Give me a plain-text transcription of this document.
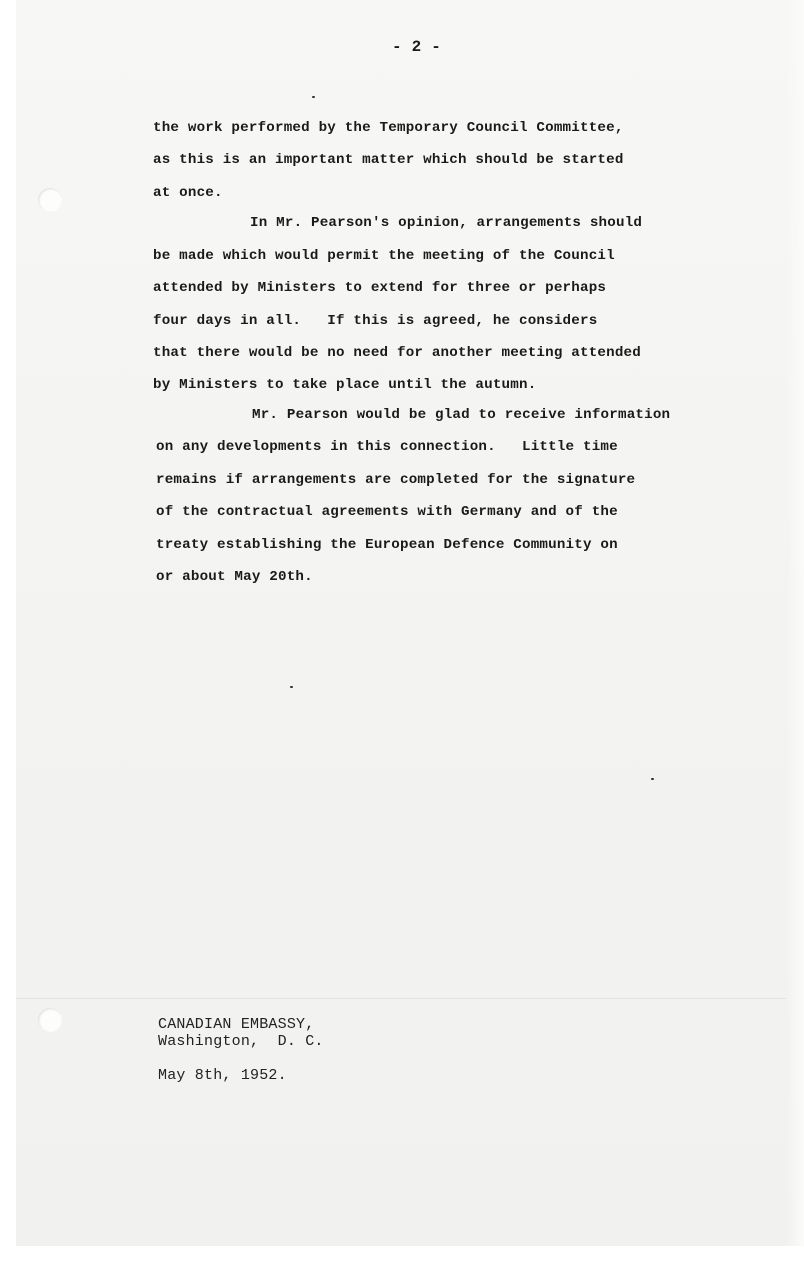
- 2 -
the work performed by the Temporary Council Committee,
as this is an important matter which should be started
at once.
In Mr. Pearson's opinion, arrangements should
be made which would permit the meeting of the Council
attended by Ministers to extend for three or perhaps
four days in all.   If this is agreed, he considers
that there would be no need for another meeting attended
by Ministers to take place until the autumn.
Mr. Pearson would be glad to receive information
on any developments in this connection.   Little time
remains if arrangements are completed for the signature
of the contractual agreements with Germany and of the
treaty establishing the European Defence Community on
or about May 20th.
CANADIAN EMBASSY,
Washington,  D. C.
May 8th, 1952.
